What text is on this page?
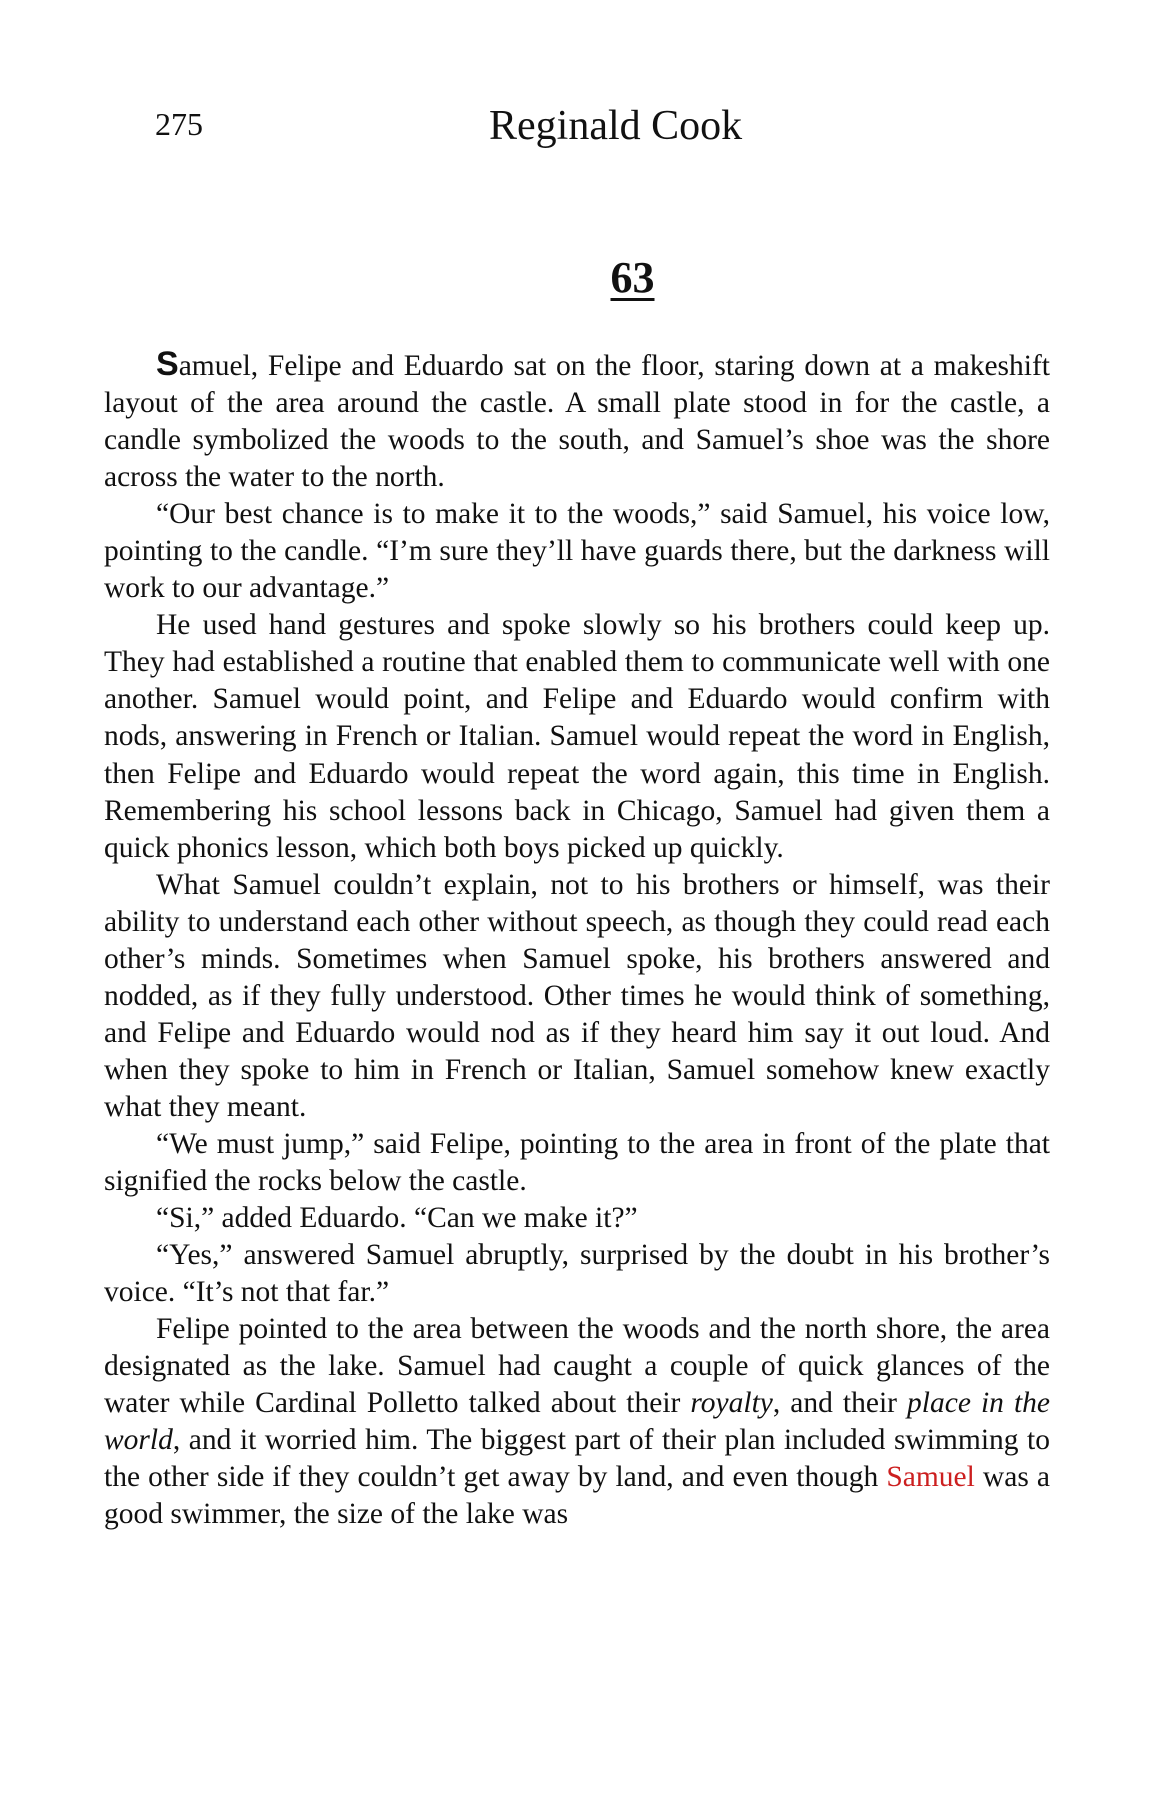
275	Reginald Cook
63

Samuel, Felipe and Eduardo sat on the floor, staring down at a makeshift layout of the area around the castle. A small plate stood in for the castle, a candle symbolized the woods to the south, and Samuel’s shoe was the shore across the water to the north.

“Our best chance is to make it to the woods,” said Samuel, his voice low, pointing to the candle. “I’m sure they’ll have guards there, but the darkness will work to our advantage.”

He used hand gestures and spoke slowly so his brothers could keep up. They had established a routine that enabled them to communicate well with one another. Samuel would point, and Felipe and Eduardo would confirm with nods, answering in French or Italian. Samuel would repeat the word in English, then Felipe and Eduardo would repeat the word again, this time in English. Remembering his school lessons back in Chicago, Samuel had given them a quick phonics lesson, which both boys picked up quickly.

What Samuel couldn’t explain, not to his brothers or himself, was their ability to understand each other without speech, as though they could read each other’s minds. Sometimes when Samuel spoke, his brothers answered and nodded, as if they fully understood. Other times he would think of something, and Felipe and Eduardo would nod as if they heard him say it out loud. And when they spoke to him in French or Italian, Samuel somehow knew exactly what they meant.

“We must jump,” said Felipe, pointing to the area in front of the plate that signified the rocks below the castle.

“Si,” added Eduardo. “Can we make it?”

“Yes,” answered Samuel abruptly, surprised by the doubt in his brother’s voice. “It’s not that far.”

Felipe pointed to the area between the woods and the north shore, the area designated as the lake. Samuel had caught a couple of quick glances of the water while Cardinal Polletto talked about their royalty, and their place in the world, and it worried him. The biggest part of their plan included swimming to the other side if they couldn’t get away by land, and even though Samuel was a good swimmer, the size of the lake was
